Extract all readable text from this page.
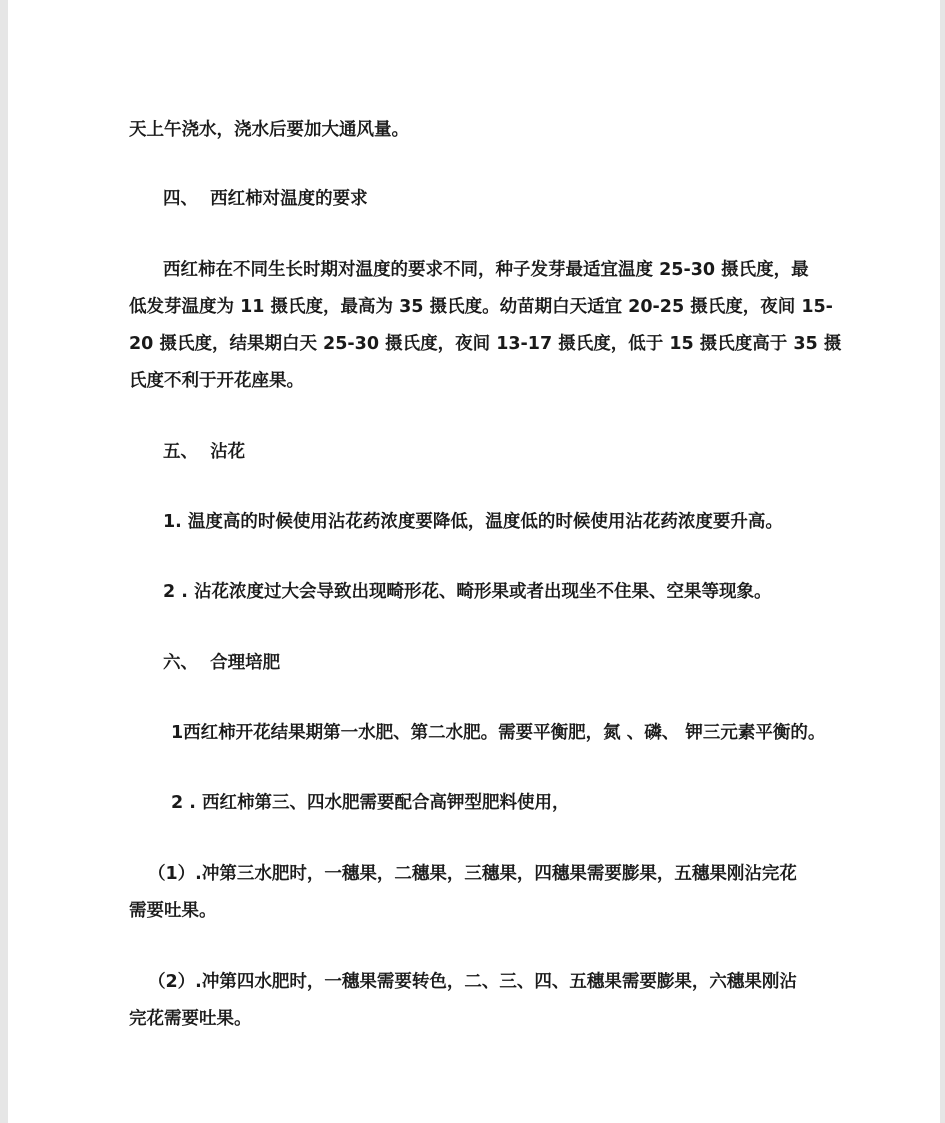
天上午浇水，浇水后要加大通风量。

四、 西红柿对温度的要求

西红柿在不同生长时期对温度的要求不同，种子发芽最适宜温度 25-30 摄氏度，最

低发芽温度为 11 摄氏度，最高为 35 摄氏度。幼苗期白天适宜 20-25 摄氏度，夜间 15-

20 摄氏度，结果期白天 25-30 摄氏度，夜间 13-17 摄氏度，低于 15 摄氏度高于 35 摄

氏度不利于开花座果。

五、 沾花

1. 温度高的时候使用沾花药浓度要降低，温度低的时候使用沾花药浓度要升高。

2 . 沾花浓度过大会导致出现畸形花、畸形果或者出现坐不住果、空果等现象。

六、 合理培肥

1西红柿开花结果期第一水肥、第二水肥。需要平衡肥，氮 、磷、 钾三元素平衡的。

2 . 西红柿第三、四水肥需要配合高钾型肥料使用，

（1）.冲第三水肥时，一穗果，二穗果，三穗果，四穗果需要膨果，五穗果刚沾完花

需要吐果。

（2）.冲第四水肥时，一穗果需要转色，二、三、四、五穗果需要膨果，六穗果刚沾

完花需要吐果。
